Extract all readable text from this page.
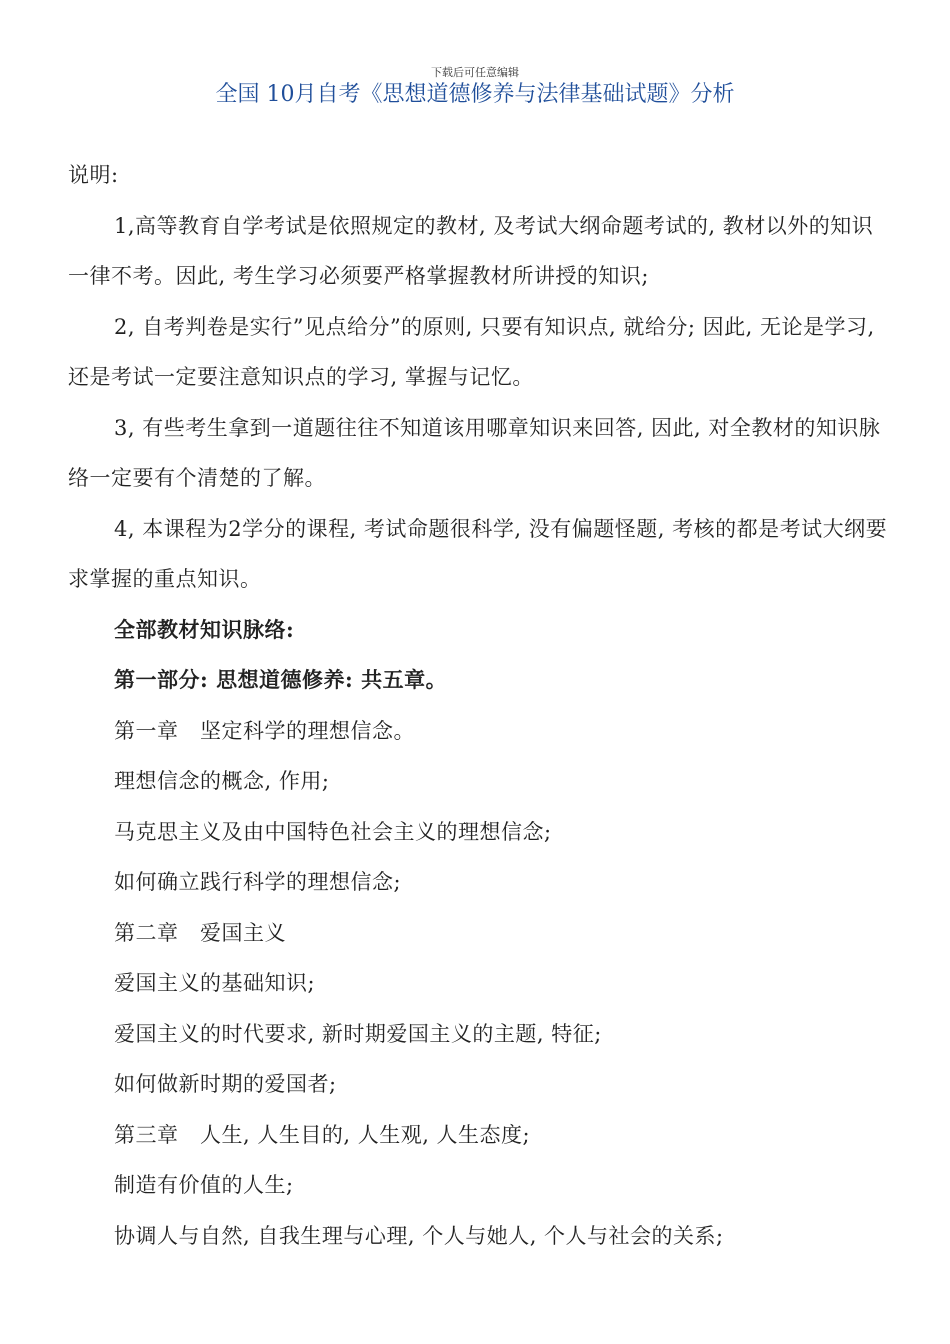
下载后可任意编辑
全国 10月自考《思想道德修养与法律基础试题》分析

说明:

1,高等教育自学考试是依照规定的教材, 及考试大纲命题考试的, 教材以外的知识一律不考。因此, 考生学习必须要严格掌握教材所讲授的知识;

2, 自考判卷是实行”见点给分”的原则, 只要有知识点, 就给分; 因此, 无论是学习, 还是考试一定要注意知识点的学习, 掌握与记忆。

3, 有些考生拿到一道题往往不知道该用哪章知识来回答, 因此, 对全教材的知识脉络一定要有个清楚的了解。

4, 本课程为2学分的课程, 考试命题很科学, 没有偏题怪题, 考核的都是考试大纲要求掌握的重点知识。

全部教材知识脉络:

第一部分: 思想道德修养: 共五章。

第一章　坚定科学的理想信念。

理想信念的概念, 作用;

马克思主义及由中国特色社会主义的理想信念;

如何确立践行科学的理想信念;

第二章　爱国主义

爱国主义的基础知识;

爱国主义的时代要求, 新时期爱国主义的主题, 特征;

如何做新时期的爱国者;

第三章　人生, 人生目的, 人生观, 人生态度;

制造有价值的人生;

协调人与自然, 自我生理与心理, 个人与她人, 个人与社会的关系;
